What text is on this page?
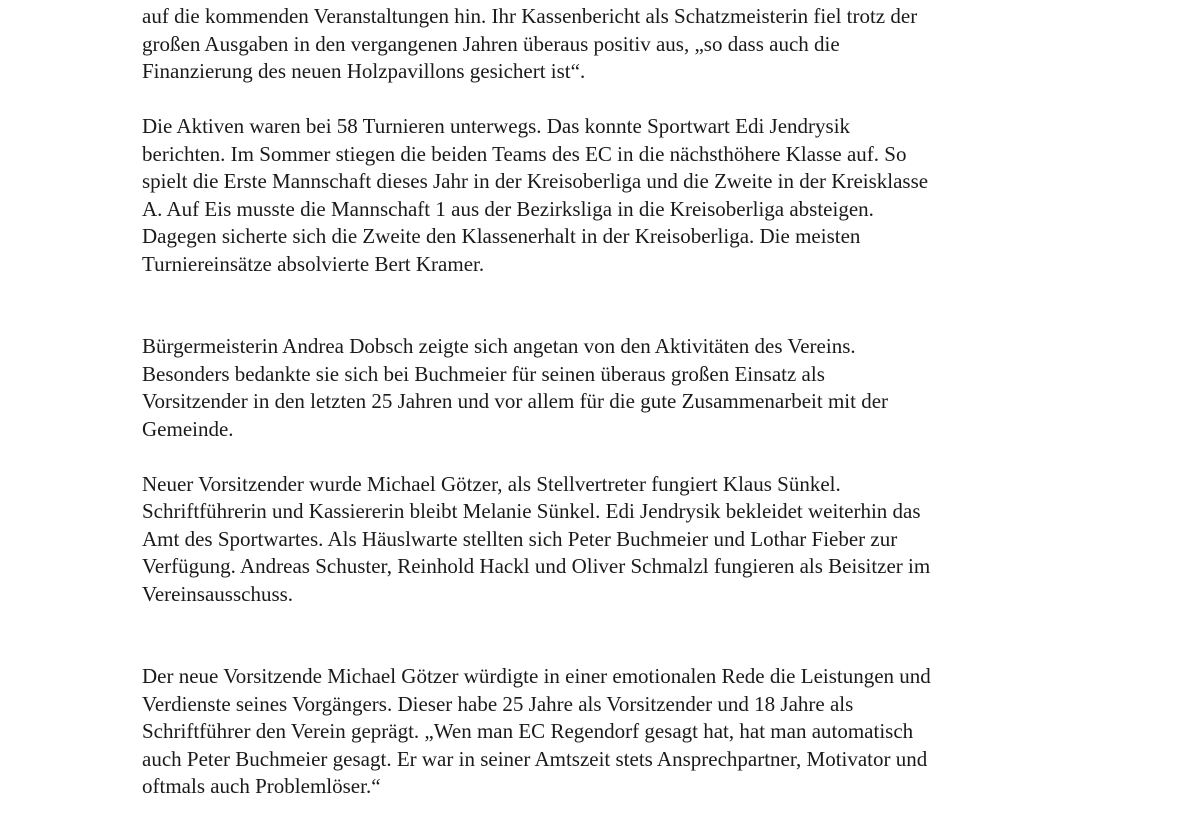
auf die kommenden Veranstaltungen hin. Ihr Kassenbericht als Schatzmeisterin fiel trotz der
großen Ausgaben in den vergangenen Jahren überaus positiv aus, „so dass auch die
Finanzierung des neuen Holzpavillons gesichert ist“.
Die Aktiven waren bei 58 Turnieren unterwegs. Das konnte Sportwart Edi Jendrysik
berichten. Im Sommer stiegen die beiden Teams des EC in die nächsthöhere Klasse auf. So
spielt die Erste Mannschaft dieses Jahr in der Kreisoberliga und die Zweite in der Kreisklasse
A. Auf Eis musste die Mannschaft 1 aus der Bezirksliga in die Kreisoberliga absteigen.
Dagegen sicherte sich die Zweite den Klassenerhalt in der Kreisoberliga. Die meisten
Turniereinsätze absolvierte Bert Kramer.
Bürgermeisterin Andrea Dobsch zeigte sich angetan von den Aktivitäten des Vereins.
Besonders bedankte sie sich bei Buchmeier für seinen überaus großen Einsatz als
Vorsitzender in den letzten 25 Jahren und vor allem für die gute Zusammenarbeit mit der
Gemeinde.
Neuer Vorsitzender wurde Michael Götzer, als Stellvertreter fungiert Klaus Sünkel.
Schriftführerin und Kassiererin bleibt Melanie Sünkel. Edi Jendrysik bekleidet weiterhin das
Amt des Sportwartes. Als Häuslwarte stellten sich Peter Buchmeier und Lothar Fieber zur
Verfügung. Andreas Schuster, Reinhold Hackl und Oliver Schmalzl fungieren als Beisitzer im
Vereinsausschuss.
Der neue Vorsitzende Michael Götzer würdigte in einer emotionalen Rede die Leistungen und
Verdienste seines Vorgängers. Dieser habe 25 Jahre als Vorsitzender und 18 Jahre als
Schriftführer den Verein geprägt. „Wen man EC Regendorf gesagt hat, hat man automatisch
auch Peter Buchmeier gesagt. Er war in seiner Amtszeit stets Ansprechpartner, Motivator und
oftmals auch Problemlöser.“
